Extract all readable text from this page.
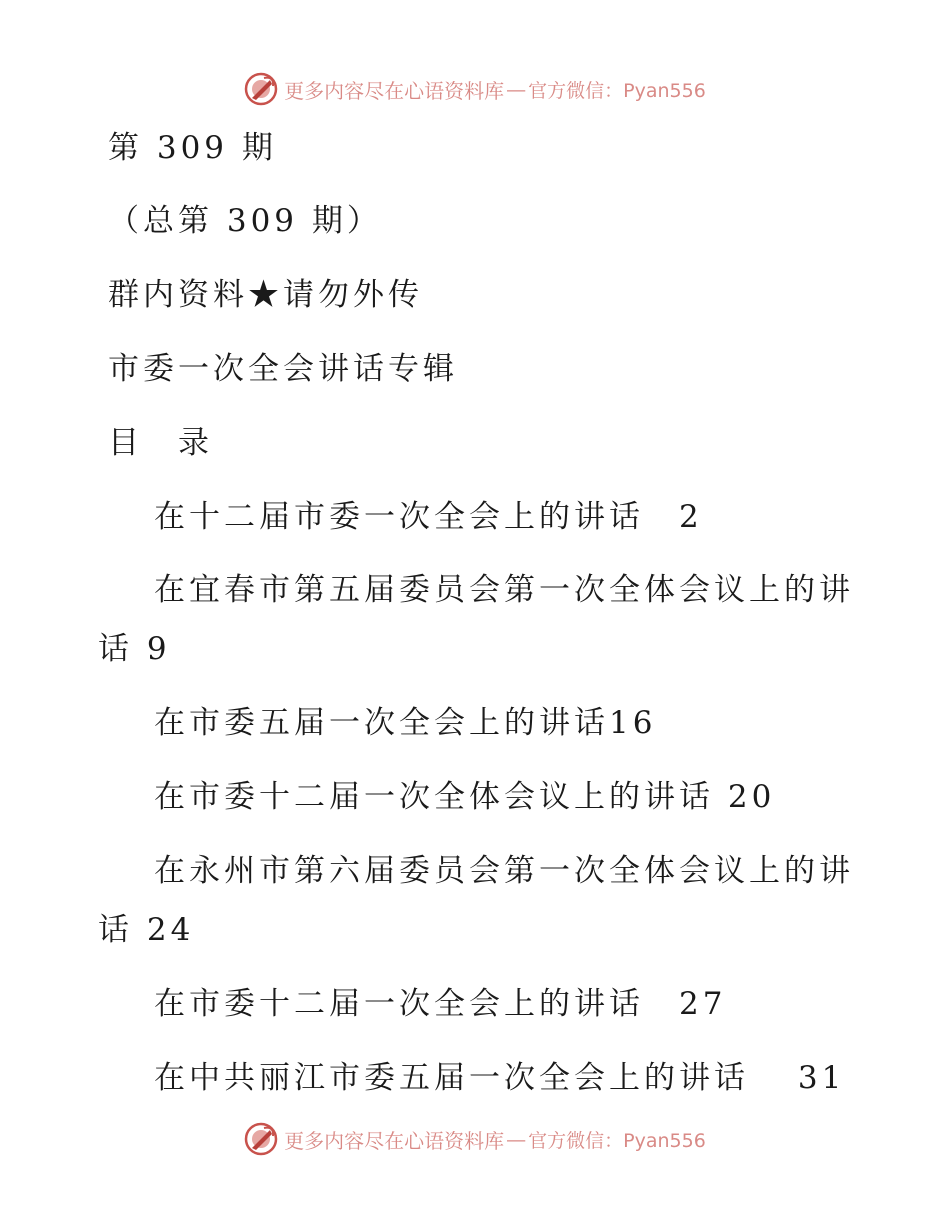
更多内容尽在心语资料库 — 官方微信：Pyan556
第 309 期
（总第 309 期）
群内资料★请勿外传
市委一次全会讲话专辑
目　录
在十二届市委一次全会上的讲话　2
在宜春市第五届委员会第一次全体会议上的讲
话 9
在市委五届一次全会上的讲话16
在市委十二届一次全体会议上的讲话 20
在永州市第六届委员会第一次全体会议上的讲
话 24
在市委十二届一次全会上的讲话　27
在中共丽江市委五届一次全会上的讲话　 31
更多内容尽在心语资料库 — 官方微信：Pyan556
